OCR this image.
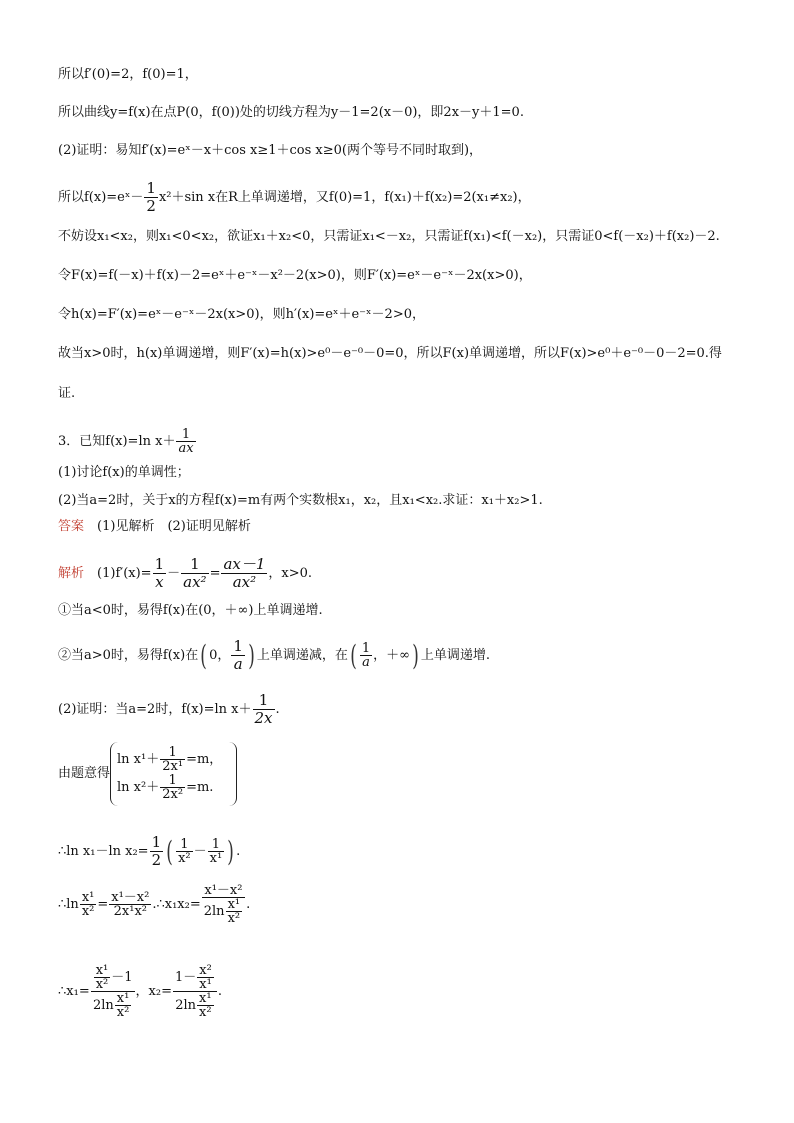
所以f′(0)=2，f(0)=1，
所以曲线y=f(x)在点P(0，f(0))处的切线方程为y－1=2(x－0)，即2x－y＋1=0.
(2)证明：易知f′(x)=eˣ－x＋cos x≥1＋cos x≥0(两个等号不同时取到)，
所以f(x)=eˣ－ $\frac{1}{2} x^2+\sin$ x在R上单调递增，又f(0)=1，f(x₁)＋f(x₂)=2(x₁≠x₂)，
不妨设x₁<x₂，则x₁<0<x₂，欲证x₁＋x₂<0，只需证x₁<－x₂，只需证f(x₁)<f(－x₂)，只需证0<f(－x₂)＋f(x₂)－2.
令F(x)=f(－x)＋f(x)－2=eˣ＋e⁻ˣ－x²－2(x>0)，则F′(x)=eˣ－e⁻ˣ－2x(x>0)，
令h(x)=F′(x)=eˣ－e⁻ˣ－2x(x>0)，则h′(x)=eˣ＋e⁻ˣ－2>0，
故当x>0时，h(x)单调递增，则F′(x)=h(x)>e⁰－e⁻⁰－0=0，所以F(x)单调递增，所以F(x)>e⁰＋e⁻⁰－0－2=0.得
证.
3．已知f(x)=ln $x+ \frac{1}{ax}$
(1)讨论f(x)的单调性；
(2)当a=2时，关于x的方程f(x)=m有两个实数根x₁，x₂，且x₁<x₂.求证：x₁＋x₂>1.
答案　 (1)见解析　(2)证明见解析
解析　 $(1)f'(x)= \frac{1}{x} - \frac{1}{\text{ax²}} = \frac{ax-1}{\text{ax²}}$ ，x>0.
①当a<0时，易得f(x)在(0，＋∞)上单调递增.
②当a>0时，易得f(x)在( 0， $\frac{1}{a}$ ) 上单调递减，在( $\frac{1}{a}$ ，＋∞) 上单调递增.
(2)证明：当a=2时，f(x)=ln $x+ \frac{1}{2x}$ .
由题意得
$\ln x^1+ \frac{1}{\text{2x¹}} =m$，
$\ln x^2+ \frac{1}{\text{2x²}} =m$.
∴ln x₁－ln $x_2= \frac{1}{2}$ ( $\frac{1}{\text{x²}} - \frac{1}{\text{x¹}}$ ) .
∴ln $\frac{\text{x¹}}{\text{x²}} = \frac{\text{x¹－x²}}{\text{2x¹x²}}$ .∴x₁x₂= $\frac{\text{x¹－x²}}{2\ln \frac{\text{x¹}}{\text{x²}}}$ .
∴x₁= $\frac{\frac{\text{x¹}}{\text{x²}} -1}{2\ln \frac{\text{x¹}}{\text{x²}}}$ ，$x_2= \frac{1- \frac{\text{x²}}{\text{x¹}}}{2\ln \frac{\text{x¹}}{\text{x²}}}$ .
